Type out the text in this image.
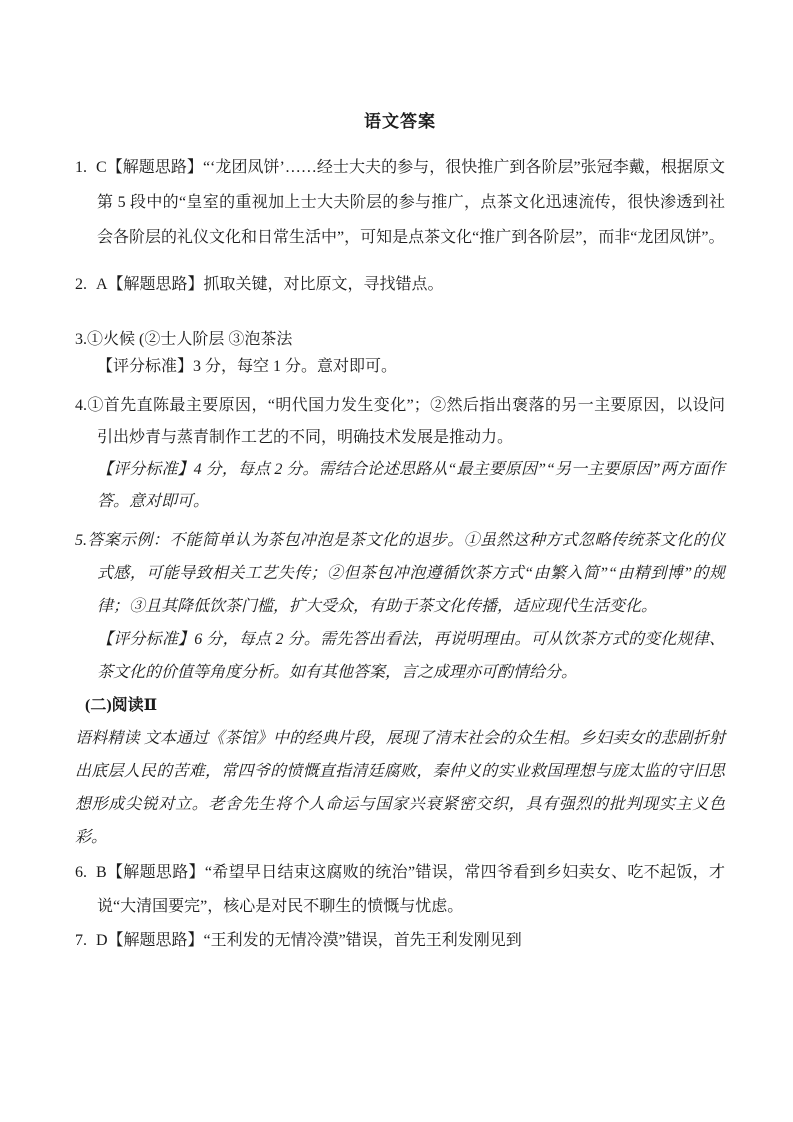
语文答案

1. C【解题思路】“‘龙团凤饼’……经士大夫的参与，很快推广到各阶层”张冠李戴，根据原文第 5 段中的“皇室的重视加上士大夫阶层的参与推广，点茶文化迅速流传，很快渗透到社会各阶层的礼仪文化和日常生活中”，可知是点茶文化“推广到各阶层”，而非“龙团凤饼”。

2. A【解题思路】抓取关键，对比原文，寻找错点。

3.①火候 (②士人阶层 ③泡茶法

【评分标准】3 分，每空 1 分。意对即可。

4.①首先直陈最主要原因，“明代国力发生变化”；②然后指出褒落的另一主要原因，以设问引出炒青与蒸青制作工艺的不同，明确技术发展是推动力。

【评分标准】4 分，每点 2 分。需结合论述思路从“最主要原因”“另一主要原因”两方面作答。意对即可。

5.答案示例：不能简单认为茶包冲泡是茶文化的退步。①虽然这种方式忽略传统茶文化的仪式感，可能导致相关工艺失传；②但茶包冲泡遵循饮茶方式“由繁入简”“由精到博”的规律；③且其降低饮茶门槛，扩大受众，有助于茶文化传播，适应现代生活变化。

【评分标准】6 分，每点 2 分。需先答出看法，再说明理由。可从饮茶方式的变化规律、茶文化的价值等角度分析。如有其他答案，言之成理亦可酌情给分。

(二)阅读Ⅱ

语料精读 文本通过《茶馆》中的经典片段，展现了清末社会的众生相。乡妇卖女的悲剧折射出底层人民的苦难，常四爷的愤慨直指清廷腐败，秦仲义的实业救国理想与庞太监的守旧思想形成尖锐对立。老舍先生将个人命运与国家兴衰紧密交织，具有强烈的批判现实主义色彩。

6. B【解题思路】“希望早日结束这腐败的统治”错误，常四爷看到乡妇卖女、吃不起饭，才说“大清国要完”，核心是对民不聊生的愤慨与忧虑。

7. D【解题思路】“王利发的无情冷漠”错误，首先王利发刚见到
